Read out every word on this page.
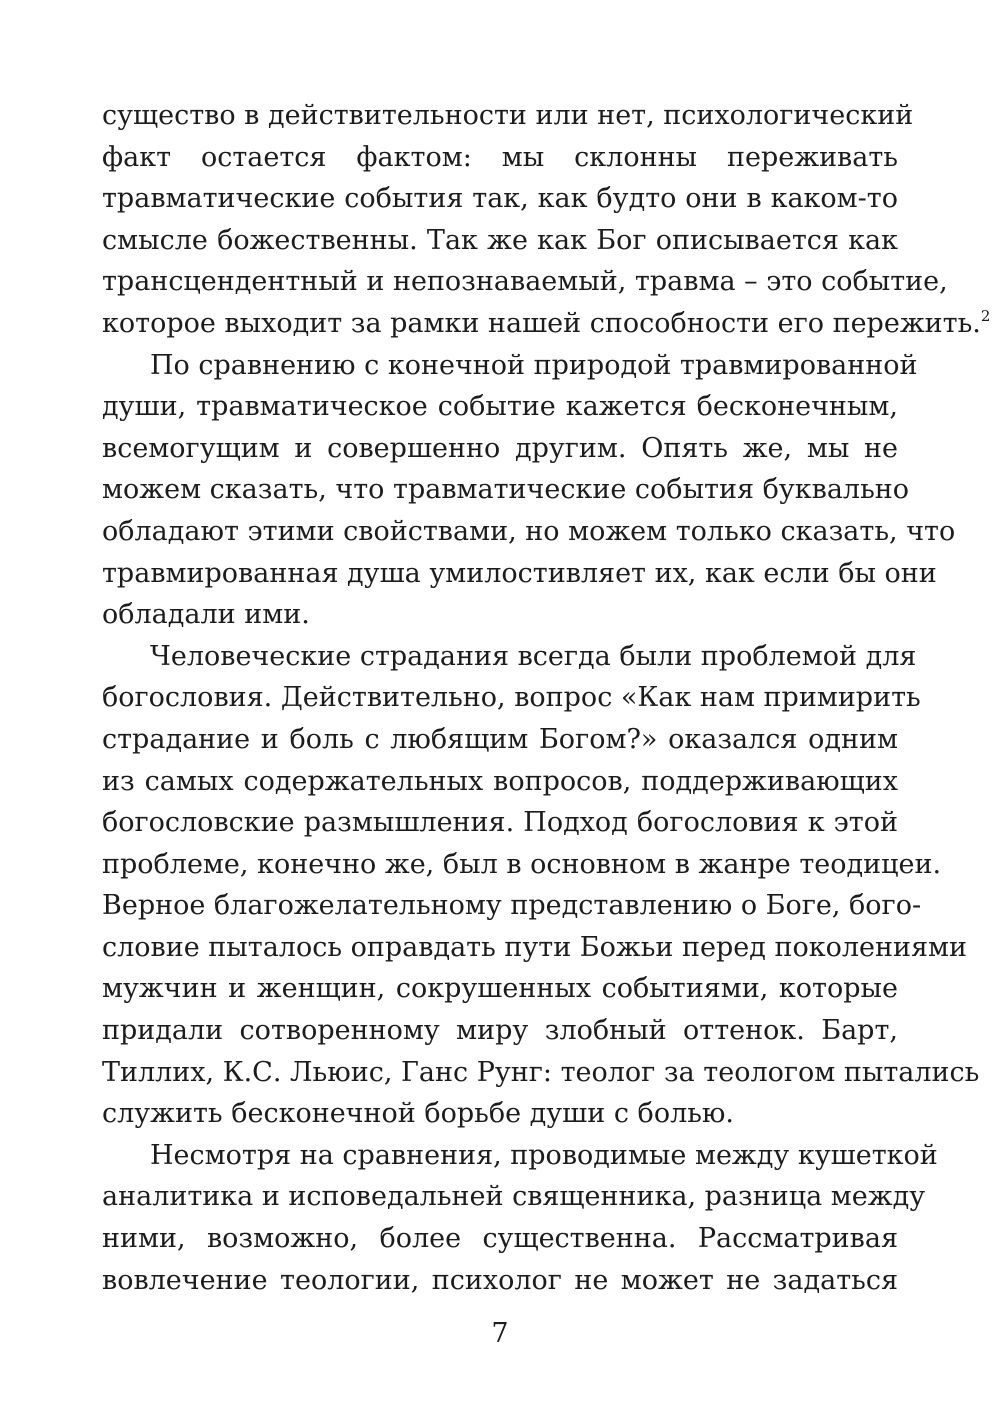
существо в действительности или нет, психологический
факт остается фактом: мы склонны переживать
травматические события так, как будто они в каком-то
смысле божественны. Так же как Бог описывается как
трансцендентный и непознаваемый, травма – это событие,
которое выходит за рамки нашей способности его пережить.$^2$
По сравнению с конечной природой травмированной
души, травматическое событие кажется бесконечным,
всемогущим и совершенно другим. Опять же, мы не
можем сказать, что травматические события буквально
обладают этими свойствами, но можем только сказать, что
травмированная душа умилостивляет их, как если бы они
обладали ими.
Человеческие страдания всегда были проблемой для
богословия. Действительно, вопрос «Как нам примирить
страдание и боль с любящим Богом?» оказался одним
из самых содержательных вопросов, поддерживающих
богословские размышления. Подход богословия к этой
проблеме, конечно же, был в основном в жанре теодицеи.
Верное благожелательному представлению о Боге, бого-
словие пыталось оправдать пути Божьи перед поколениями
мужчин и женщин, сокрушенных событиями, которые
придали сотворенному миру злобный оттенок. Барт,
Тиллих, К.С. Льюис, Ганс Рунг: теолог за теологом пытались
служить бесконечной борьбе души с болью.
Несмотря на сравнения, проводимые между кушеткой
аналитика и исповедальней священника, разница между
ними, возможно, более существенна. Рассматривая
вовлечение теологии, психолог не может не задаться
7
